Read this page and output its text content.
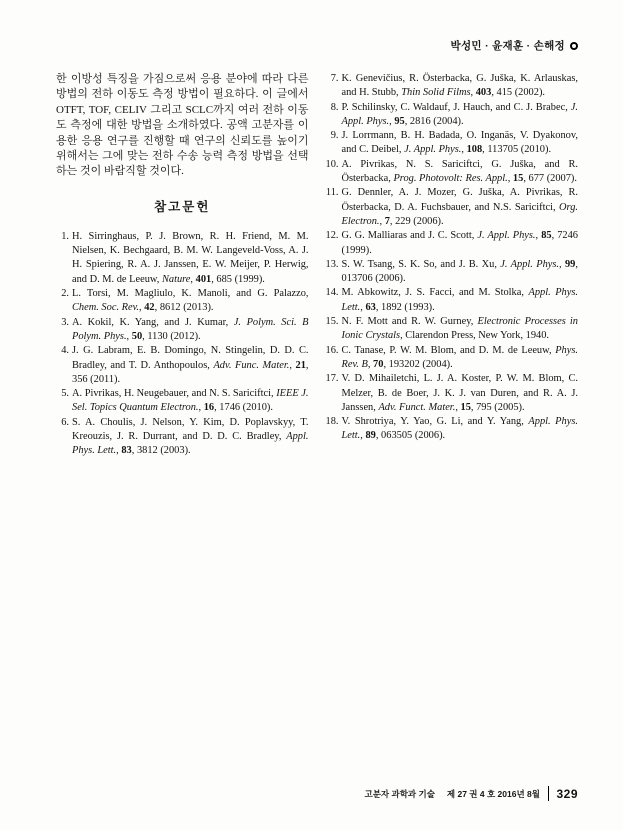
박성민 · 윤재훈 · 손해정

한 이방성 특징을 가짐으로써 응용 분야에 따라 다른 방법의 전하 이동도 측정 방법이 필요하다. 이 글에서 OTFT, TOF, CELIV 그리고 SCLC까지 여러 전하 이동도 측정에 대한 방법을 소개하였다. 공액 고분자를 이용한 응용 연구를 진행할 때 연구의 신뢰도를 높이기 위해서는 그에 맞는 전하 수송 능력 측정 방법을 선택 하는 것이 바람직할 것이다.

참고문헌
1. H. Sirringhaus, P. J. Brown, R. H. Friend, M. M. Nielsen, K. Bechgaard, B. M. W. Langeveld-Voss, A. J. H. Spiering, R. A. J. Janssen, E. W. Meijer, P. Herwig, and D. M. de Leeuw, Nature, 401, 685 (1999).
2. L. Torsi, M. Magliulo, K. Manoli, and G. Palazzo, Chem. Soc. Rev., 42, 8612 (2013).
3. A. Kokil, K. Yang, and J. Kumar, J. Polym. Sci. B Polym. Phys., 50, 1130 (2012).
4. J. G. Labram, E. B. Domingo, N. Stingelin, D. D. C. Bradley, and T. D. Anthopoulos, Adv. Func. Mater., 21, 356 (2011).
5. A. Pivrikas, H. Neugebauer, and N. S. Sariciftci, IEEE J. Sel. Topics Quantum Electron., 16, 1746 (2010).
6. S. A. Choulis, J. Nelson, Y. Kim, D. Poplavskyy, T. Kreouzis, J. R. Durrant, and D. D. C. Bradley, Appl. Phys. Lett., 83, 3812 (2003).
7. K. Genevičius, R. Österbacka, G. Juška, K. Arlauskas, and H. Stubb, Thin Solid Films, 403, 415 (2002).
8. P. Schilinsky, C. Waldauf, J. Hauch, and C. J. Brabec, J. Appl. Phys., 95, 2816 (2004).
9. J. Lorrmann, B. H. Badada, O. Inganäs, V. Dyakonov, and C. Deibel, J. Appl. Phys., 108, 113705 (2010).
10. A. Pivrikas, N. S. Sariciftci, G. Juška, and R. Österbacka, Prog. Photovolt: Res. Appl., 15, 677 (2007).
11. G. Dennler, A. J. Mozer, G. Juška, A. Pivrikas, R. Österbacka, D. A. Fuchsbauer, and N.S. Sariciftci, Org. Electron., 7, 229 (2006).
12. G. G. Malliaras and J. C. Scott, J. Appl. Phys., 85, 7246 (1999).
13. S. W. Tsang, S. K. So, and J. B. Xu, J. Appl. Phys., 99, 013706 (2006).
14. M. Abkowitz, J. S. Facci, and M. Stolka, Appl. Phys. Lett., 63, 1892 (1993).
15. N. F. Mott and R. W. Gurney, Electronic Processes in Ionic Crystals, Clarendon Press, New York, 1940.
16. C. Tanase, P. W. M. Blom, and D. M. de Leeuw, Phys. Rev. B, 70, 193202 (2004).
17. V. D. Mihailetchi, L. J. A. Koster, P. W. M. Blom, C. Melzer, B. de Boer, J. K. J. van Duren, and R. A. J. Janssen, Adv. Funct. Mater., 15, 795 (2005).
18. V. Shrotriya, Y. Yao, G. Li, and Y. Yang, Appl. Phys. Lett., 89, 063505 (2006).
고분자 과학과 기술 제 27 권 4 호 2016년 8월 329
